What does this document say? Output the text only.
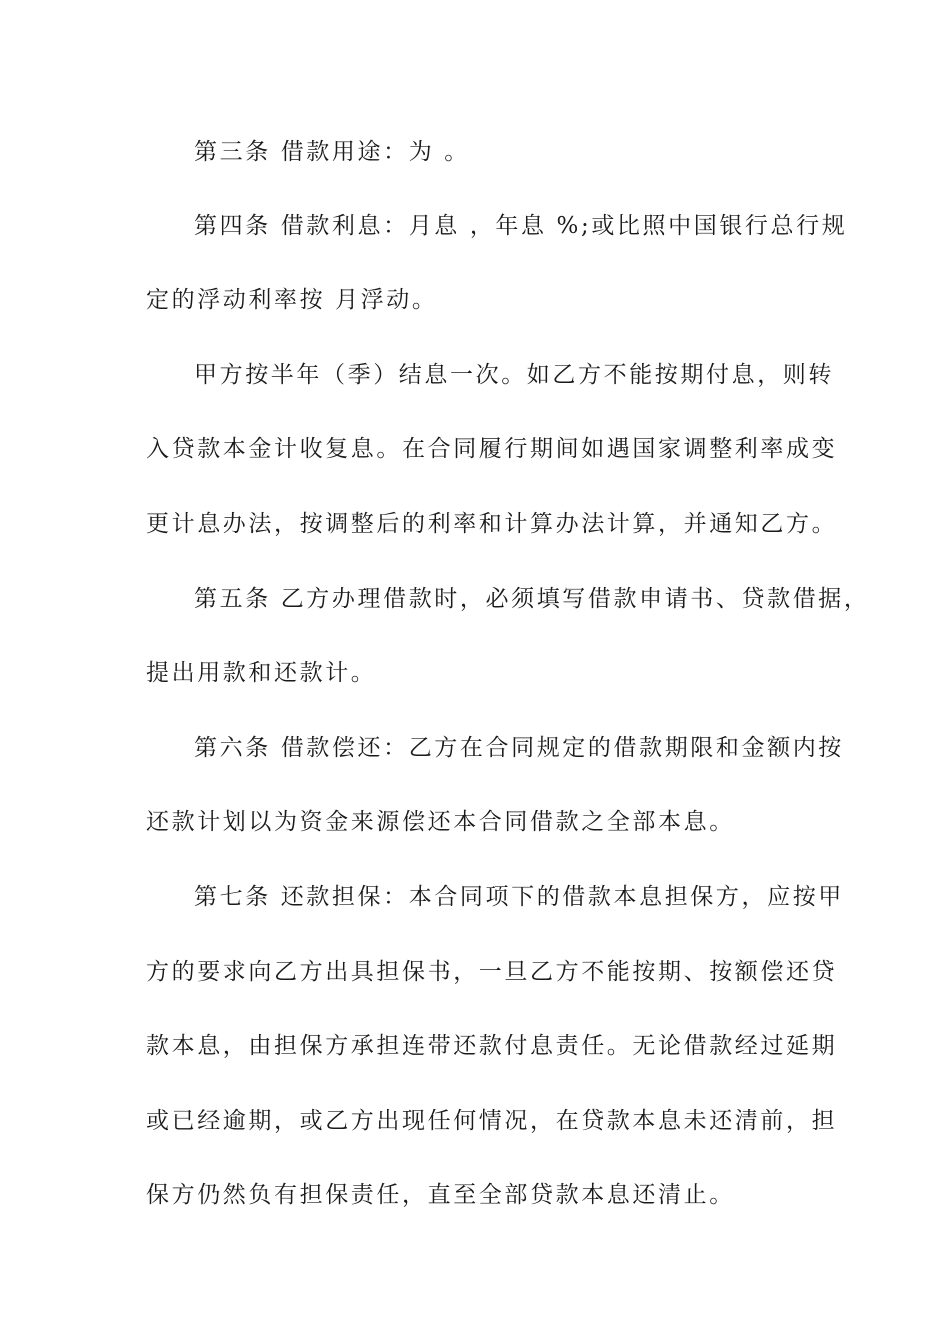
第三条 借款用途：为 。
第四条 借款利息：月息 ，年息 %;或比照中国银行总行规
定的浮动利率按 月浮动。
甲方按半年（季）结息一次。如乙方不能按期付息，则转
入贷款本金计收复息。在合同履行期间如遇国家调整利率成变
更计息办法，按调整后的利率和计算办法计算，并通知乙方。
第五条 乙方办理借款时，必须填写借款申请书、贷款借据，
提出用款和还款计。
第六条 借款偿还：乙方在合同规定的借款期限和金额内按
还款计划以为资金来源偿还本合同借款之全部本息。
第七条 还款担保：本合同项下的借款本息担保方，应按甲
方的要求向乙方出具担保书，一旦乙方不能按期、按额偿还贷
款本息，由担保方承担连带还款付息责任。无论借款经过延期
或已经逾期，或乙方出现任何情况，在贷款本息未还清前，担
保方仍然负有担保责任，直至全部贷款本息还清止。
